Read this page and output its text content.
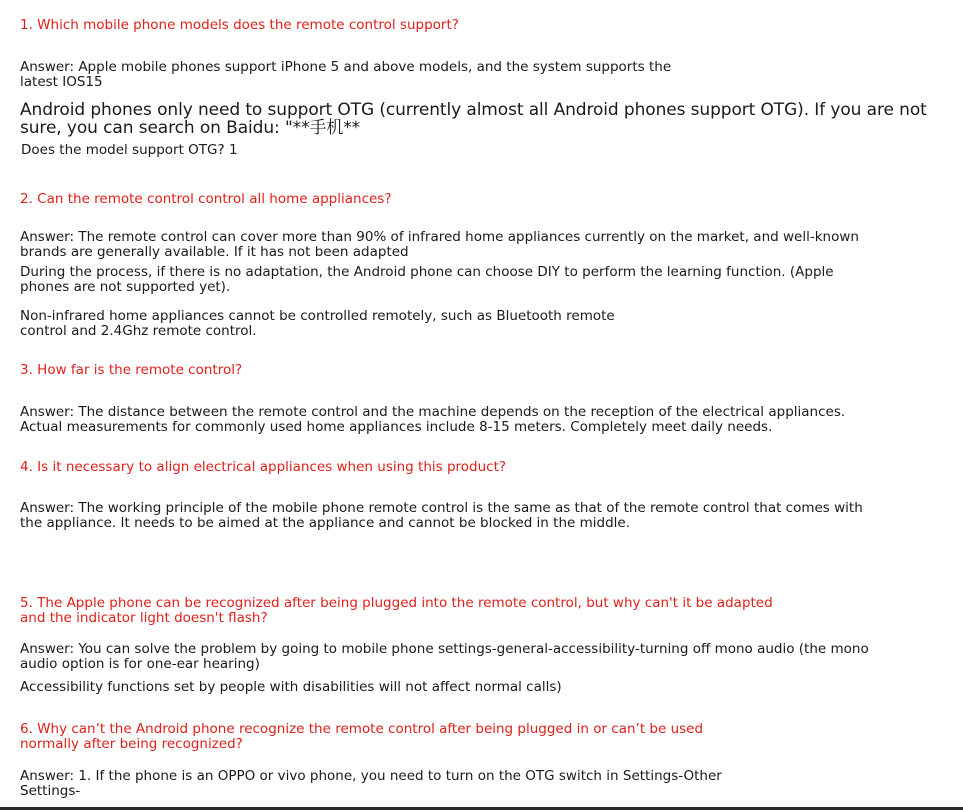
1. Which mobile phone models does the remote control support?

Answer: Apple mobile phones support iPhone 5 and above models, and the system supports the
latest IOS15

Android phones only need to support OTG (currently almost all Android phones support OTG). If you are not
sure, you can search on Baidu: "**手机**

Does the model support OTG? 1

2. Can the remote control control all home appliances?

Answer: The remote control can cover more than 90% of infrared home appliances currently on the market, and well-known
brands are generally available. If it has not been adapted

During the process, if there is no adaptation, the Android phone can choose DIY to perform the learning function. (Apple
phones are not supported yet).

Non-infrared home appliances cannot be controlled remotely, such as Bluetooth remote
control and 2.4Ghz remote control.

3. How far is the remote control?

Answer: The distance between the remote control and the machine depends on the reception of the electrical appliances.
Actual measurements for commonly used home appliances include 8-15 meters. Completely meet daily needs.

4. Is it necessary to align electrical appliances when using this product?

Answer: The working principle of the mobile phone remote control is the same as that of the remote control that comes with
the appliance. It needs to be aimed at the appliance and cannot be blocked in the middle.

5. The Apple phone can be recognized after being plugged into the remote control, but why can't it be adapted
and the indicator light doesn't flash?

Answer: You can solve the problem by going to mobile phone settings-general-accessibility-turning off mono audio (the mono
audio option is for one-ear hearing)

Accessibility functions set by people with disabilities will not affect normal calls)

6. Why can’t the Android phone recognize the remote control after being plugged in or can’t be used
normally after being recognized?

Answer: 1. If the phone is an OPPO or vivo phone, you need to turn on the OTG switch in Settings-Other
Settings-
